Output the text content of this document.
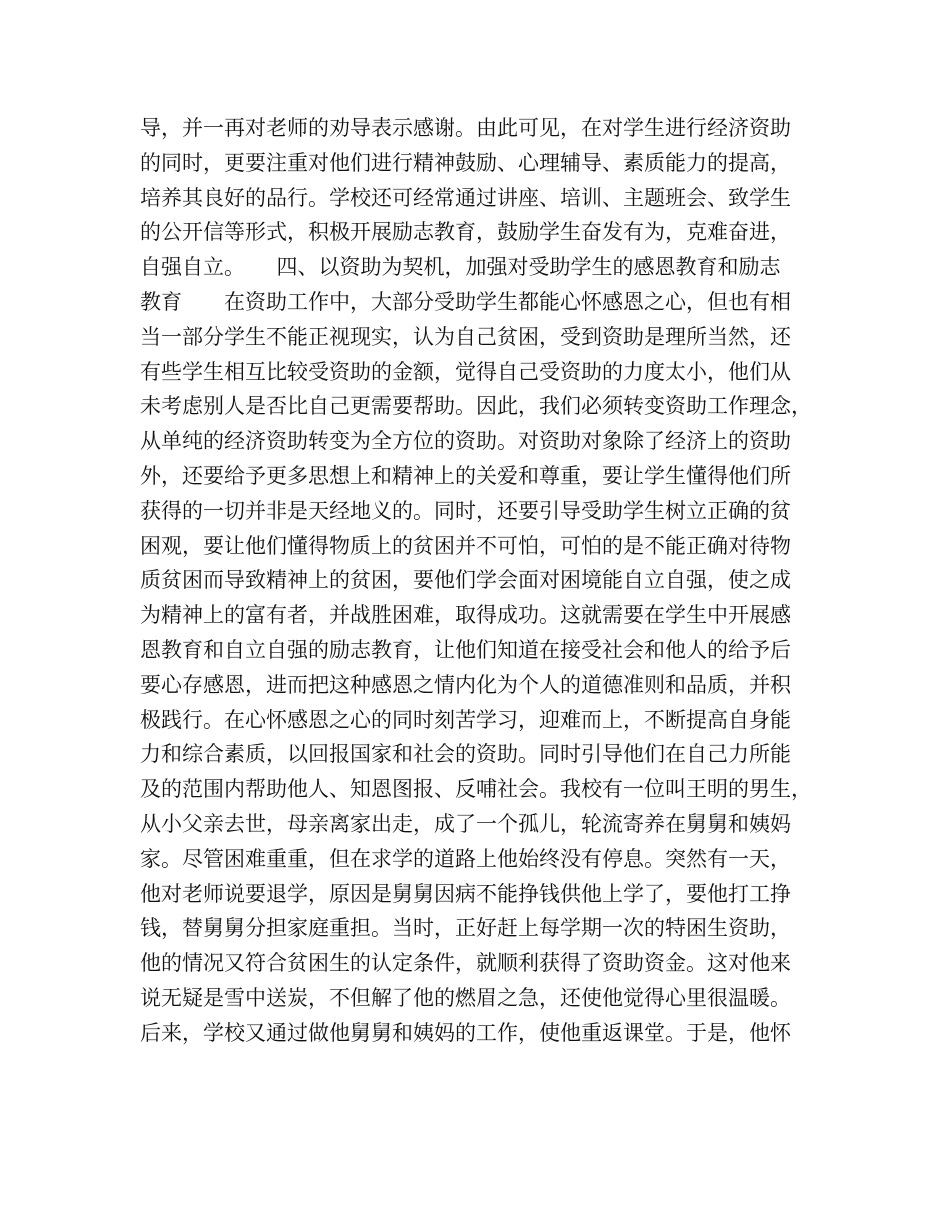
导，并一再对老师的劝导表示感谢。由此可见，在对学生进行经济资助
的同时，更要注重对他们进行精神鼓励、心理辅导、素质能力的提高，
培养其良好的品行。学校还可经常通过讲座、培训、主题班会、致学生
的公开信等形式，积极开展励志教育，鼓励学生奋发有为，克难奋进，
自强自立。　　四、以资助为契机，加强对受助学生的感恩教育和励志
教育　　在资助工作中，大部分受助学生都能心怀感恩之心，但也有相
当一部分学生不能正视现实，认为自己贫困，受到资助是理所当然，还
有些学生相互比较受资助的金额，觉得自己受资助的力度太小，他们从
未考虑别人是否比自己更需要帮助。因此，我们必须转变资助工作理念，
从单纯的经济资助转变为全方位的资助。对资助对象除了经济上的资助
外，还要给予更多思想上和精神上的关爱和尊重，要让学生懂得他们所
获得的一切并非是天经地义的。同时，还要引导受助学生树立正确的贫
困观，要让他们懂得物质上的贫困并不可怕，可怕的是不能正确对待物
质贫困而导致精神上的贫困，要他们学会面对困境能自立自强，使之成
为精神上的富有者，并战胜困难，取得成功。这就需要在学生中开展感
恩教育和自立自强的励志教育，让他们知道在接受社会和他人的给予后
要心存感恩，进而把这种感恩之情内化为个人的道德准则和品质，并积
极践行。在心怀感恩之心的同时刻苦学习，迎难而上，不断提高自身能
力和综合素质，以回报国家和社会的资助。同时引导他们在自己力所能
及的范围内帮助他人、知恩图报、反哺社会。我校有一位叫王明的男生，
从小父亲去世，母亲离家出走，成了一个孤儿，轮流寄养在舅舅和姨妈
家。尽管困难重重，但在求学的道路上他始终没有停息。突然有一天，
他对老师说要退学，原因是舅舅因病不能挣钱供他上学了，要他打工挣
钱，替舅舅分担家庭重担。当时，正好赶上每学期一次的特困生资助，
他的情况又符合贫困生的认定条件，就顺利获得了资助资金。这对他来
说无疑是雪中送炭，不但解了他的燃眉之急，还使他觉得心里很温暖。
后来，学校又通过做他舅舅和姨妈的工作，使他重返课堂。于是，他怀
